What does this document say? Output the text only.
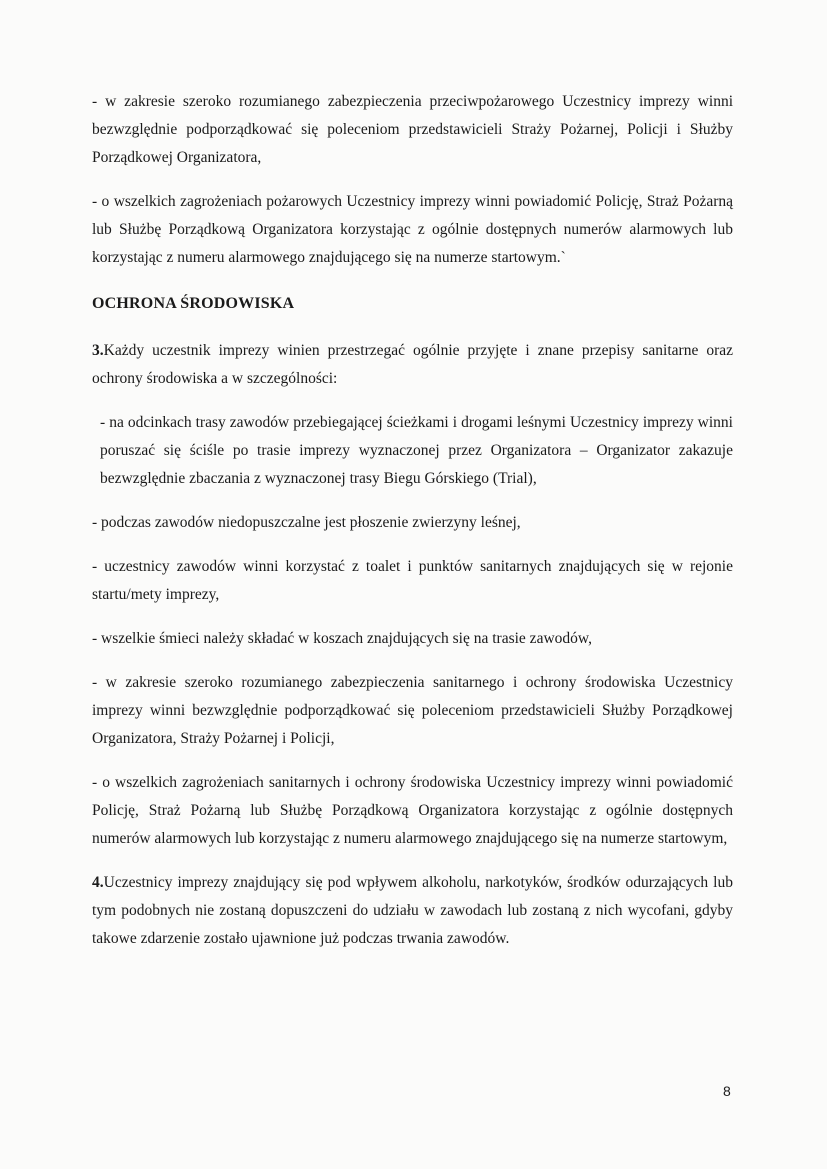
- w zakresie szeroko rozumianego zabezpieczenia przeciwpożarowego Uczestnicy imprezy winni bezwzględnie podporządkować się poleceniom przedstawicieli Straży Pożarnej, Policji i Służby Porządkowej Organizatora,

- o wszelkich zagrożeniach pożarowych Uczestnicy imprezy winni powiadomić Policję, Straż Pożarną lub Służbę Porządkową Organizatora korzystając z ogólnie dostępnych numerów alarmowych lub korzystając z numeru alarmowego znajdującego się na numerze startowym.`

OCHRONA ŚRODOWISKA

3.Każdy uczestnik imprezy winien przestrzegać ogólnie przyjęte i znane przepisy sanitarne oraz ochrony środowiska a w szczególności:

- na odcinkach trasy zawodów przebiegającej ścieżkami i drogami leśnymi Uczestnicy imprezy winni poruszać się ściśle po trasie imprezy wyznaczonej przez Organizatora – Organizator zakazuje bezwzględnie zbaczania z wyznaczonej trasy Biegu Górskiego (Trial),

- podczas zawodów niedopuszczalne jest płoszenie zwierzyny leśnej,

- uczestnicy zawodów winni korzystać z toalet i punktów sanitarnych znajdujących się w rejonie startu/mety imprezy,

- wszelkie śmieci należy składać w koszach znajdujących się na trasie zawodów,

- w zakresie szeroko rozumianego zabezpieczenia sanitarnego i ochrony środowiska Uczestnicy imprezy winni bezwzględnie podporządkować się poleceniom przedstawicieli Służby Porządkowej Organizatora, Straży Pożarnej i Policji,

- o wszelkich zagrożeniach sanitarnych i ochrony środowiska Uczestnicy imprezy winni powiadomić Policję, Straż Pożarną lub Służbę Porządkową Organizatora korzystając z ogólnie dostępnych numerów alarmowych lub korzystając z numeru alarmowego znajdującego się na numerze startowym,

4.Uczestnicy imprezy znajdujący się pod wpływem alkoholu, narkotyków, środków odurzających lub tym podobnych nie zostaną dopuszczeni do udziału w zawodach lub zostaną z nich wycofani, gdyby takowe zdarzenie zostało ujawnione już podczas trwania zawodów.

8
